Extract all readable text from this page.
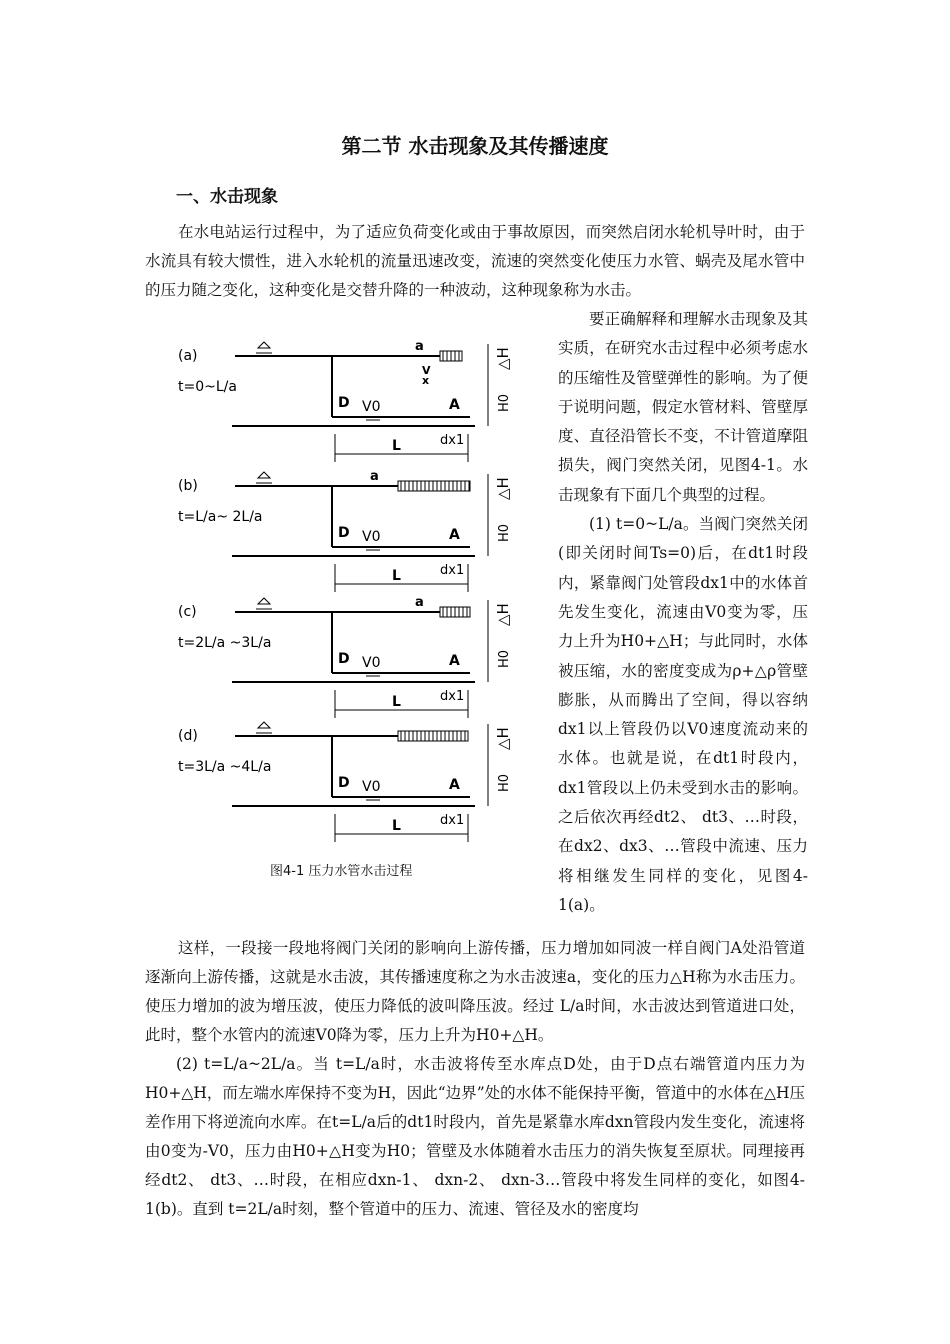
第二节 水击现象及其传播速度
一、水击现象
在水电站运行过程中，为了适应负荷变化或由于事故原因，而突然启闭水轮机导叶时，由于水流具有较大惯性，进入水轮机的流量迅速改变，流速的突然变化使压力水管、蜗壳及尾水管中的压力随之变化，这种变化是交替升降的一种波动，这种现象称为水击。

要正确解释和理解水击现象及其实质，在研究水击过程中必须考虑水的压缩性及管壁弹性的影响。为了便于说明问题，假定水管材料、管壁厚度、直径沿管长不变，不计管道摩阻损失，阀门突然关闭，见图4-1。水击现象有下面几个典型的过程。

(1) t=0~L/a。当阀门突然关闭(即关闭时间Ts=0)后，在dt1时段内，紧靠阀门处管段dx1中的水体首先发生变化，流速由V0变为零，压力上升为H0+△H；与此同时，水体被压缩，水的密度变成为ρ+△ρ管壁膨胀，从而腾出了空间，得以容纳dx1以上管段仍以V0速度流动来的水体。也就是说，在dt1时段内， dx1管段以上仍未受到水击的影响。之后依次再经dt2、 dt3、…时段，在dx2、dx3、…管段中流速、压力将相继发生同样的变化，见图4-1(a)。

H0
△H
(a)
t=0~L/a
D V0	A
dx1
L
a
V
x
H0
△H
(b)
t=L/a~ 2L/a
D V0	A
dx1
L
a
H0
△H
(c)
t=2L/a ~3L/a
D V0	A
dx1
L
a
H0
△H
(d)
t=3L/a ~4L/a
D V0	A
dx1
L
图4-1 压力水管水击过程
这样，一段接一段地将阀门关闭的影响向上游传播，压力增加如同波一样自阀门A处沿管道逐渐向上游传播，这就是水击波，其传播速度称之为水击波速a，变化的压力△H称为水击压力。使压力增加的波为增压波，使压力降低的波叫降压波。经过 L/a时间，水击波达到管道进口处，此时，整个水管内的流速V0降为零，压力上升为H0+△H。
(2) t=L/a~2L/a。当 t=L/a时，水击波将传至水库点D处，由于D点右端管道内压力为 H0+△H，而左端水库保持不变为H，因此“边界”处的水体不能保持平衡，管道中的水体在△H压差作用下将逆流向水库。在t=L/a后的dt1时段内，首先是紧靠水库dxn管段内发生变化，流速将由0变为-V0，压力由H0+△H变为H0；管壁及水体随着水击压力的消失恢复至原状。同理接再经dt2、 dt3、…时段，在相应dxn-1、 dxn-2、 dxn-3…管段中将发生同样的变化，如图4-1(b)。直到 t=2L/a时刻，整个管道中的压力、流速、管径及水的密度均
